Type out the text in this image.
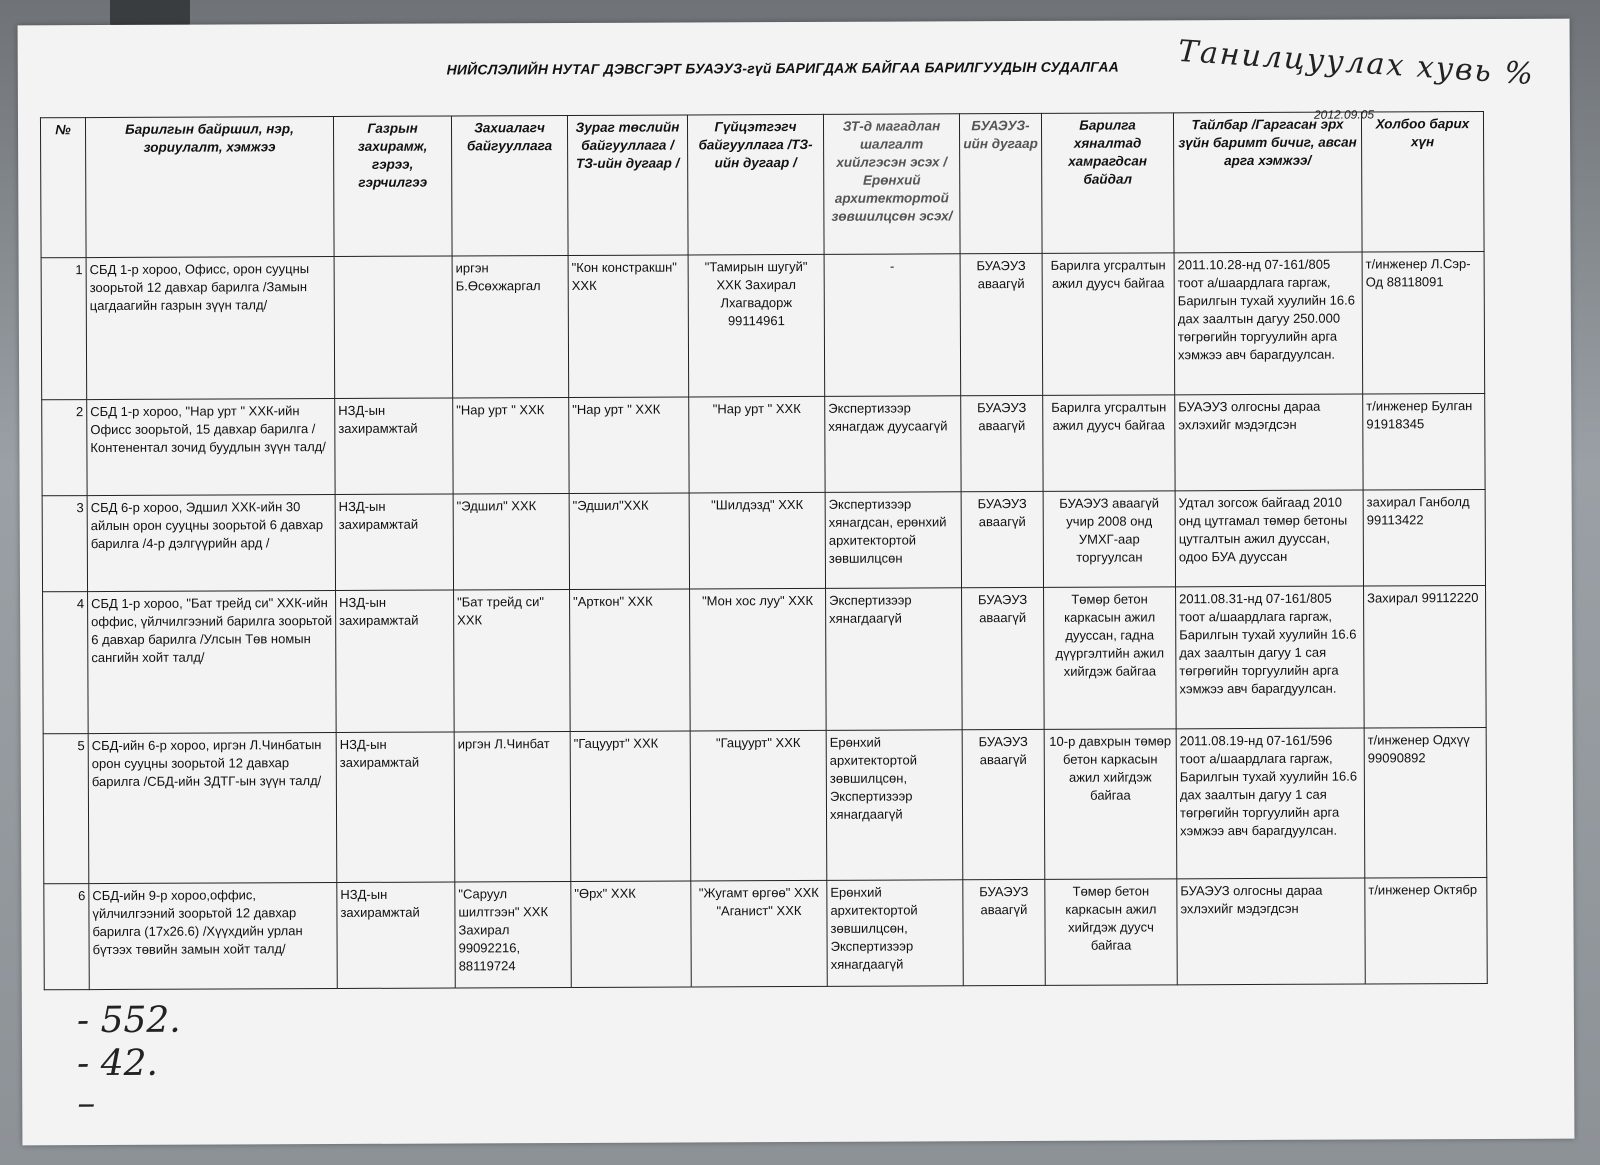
НИЙСЛЭЛИЙН НУТАГ ДЭВСГЭРТ БУАЭУЗ-гүй БАРИГДАЖ БАЙГАА БАРИЛГУУДЫН СУДАЛГАА	Танилцуулах хувь %
2012.09.05
№	Барилгын байршил, нэр, зориулалт, хэмжээ	Газрын захирамж, гэрээ, гэрчилгээ	Захиалагч байгууллага	Зураг төслийн байгууллага /ТЗ-ийн дугаар /	Гүйцэтгэгч байгууллага /ТЗ-ийн дугаар /	ЗТ-д магадлан шалгалт хийлгэсэн эсэх /Ерөнхий архитектортой зөвшилцсөн эсэх/	БУАЭУЗ-ийн дугаар	Барилга хяналтад хамрагдсан байдал	Тайлбар /Гаргасан эрх зүйн баримт бичиг, авсан арга хэмжээ/	Холбоо барих хүн
1	СБД 1-р хороо, Офисс, орон сууцны зоорьтой 12 давхар барилга /Замын цагдаагийн газрын зүүн талд/		иргэн Б.Өсөхжаргал	"Кон констракшн" ХХК	"Тамирын шугуй" ХХК Захирал Лхагвадорж 99114961	-	БУАЭУЗ аваагүй	Барилга угсралтын ажил дууcч байгаа	2011.10.28-нд 07-161/805 тоот а/шаардлага гаргаж, Барилгын тухай хуулийн 16.6 дах заалтын дагуу 250.000 төгрөгийн торгуулийн арга хэмжээ авч барагдуулсан.	т/инженер Л.Сэр-Од 88118091
2	СБД 1-р хороо, "Нар урт " ХХК-ийн Офисс зоорьтой, 15 давхар барилга /Контенентал зочид буудлын зүүн талд/	НЗД-ын захирамжтай	"Нар урт " ХХК	"Нар урт " ХХК	"Нар урт " ХХК	Экспертизээр хянагдаж дуусаагүй	БУАЭУЗ аваагүй	Барилга угсралтын ажил дууcч байгаа	БУАЭУЗ олгосны дараа эхлэхийг мэдэгдсэн	т/инженер Булган 91918345
3	СБД 6-р хороо, Эдшил ХХК-ийн 30 айлын орон сууцны зоорьтой 6 давхар барилга /4-р дэлгүүрийн ард /	НЗД-ын захирамжтай	"Эдшил" ХХК	"Эдшил"ХХК	"Шилдэзд" ХХК	Экспертизээр хянагдсан, ерөнхий архитектортой зөвшилцсөн	БУАЭУЗ аваагүй	БУАЭУЗ аваагүй учир 2008 онд УМХГ-аар торгуулсан	Удтал зогсож байгаад 2010 онд цутгамал төмөр бетоны цутгалтын ажил дууссан, одоо БУА дууссан	захирал Ганболд 99113422
4	СБД 1-р хороо, "Бат трейд си" ХХК-ийн оффис, үйлчилгээний барилга зоорьтой 6 давхар барилга /Улсын Төв номын сангийн хойт талд/	НЗД-ын захирамжтай	"Бат трейд си" ХХК	"Арткон" ХХК	"Мон хос луу" ХХК	Экспертизээр хянагдаагүй	БУАЭУЗ аваагүй	Төмөр бетон каркасын ажил дууссан, гадна дүүргэлтийн ажил хийгдэж байгаа	2011.08.31-нд 07-161/805 тоот а/шаардлага гаргаж, Барилгын тухай хуулийн 16.6 дах заалтын дагуу 1 сая төгрөгийн торгуулийн арга хэмжээ авч барагдуулсан.	Захирал 99112220
5	СБД-ийн 6-р хороо, иргэн Л.Чинбатын орон сууцны зоорьтой 12 давхар барилга /СБД-ийн ЗДТГ-ын зүүн талд/	НЗД-ын захирамжтай	иргэн Л.Чинбат	"Гацуурт" ХХК	"Гацуурт" ХХК	Ерөнхий архитектортой зөвшилцсөн, Экспертизээр хянагдаагүй	БУАЭУЗ аваагүй	10-р давхрын төмөр бетон каркасын ажил хийгдэж байгаа	2011.08.19-нд 07-161/596 тоот а/шаардлага гаргаж, Барилгын тухай хуулийн 16.6 дах заалтын дагуу 1 сая төгрөгийн торгуулийн арга хэмжээ авч барагдуулсан.	т/инженер Одхүү 99090892
6	СБД-ийн 9-р хороо,оффис, үйлчилгээний зоорьтой 12 давхар барилга (17х26.6) /Хүүхдийн урлан бүтээх төвийн замын хойт талд/	НЗД-ын захирамжтай	"Саруул шилтгээн" ХХК Захирал 99092216, 88119724	"Өрх" ХХК	"Жугамт өргөө" ХХК "Аганист" ХХК	Ерөнхий архитектортой зөвшилцсөн, Экспертизээр хянагдаагүй	БУАЭУЗ аваагүй	Төмөр бетон каркасын ажил хийгдэж дууcч байгаа	БУАЭУЗ олгосны дараа эхлэхийг мэдэгдсэн	т/инженер Октябр
- 552.
- 42.
–
